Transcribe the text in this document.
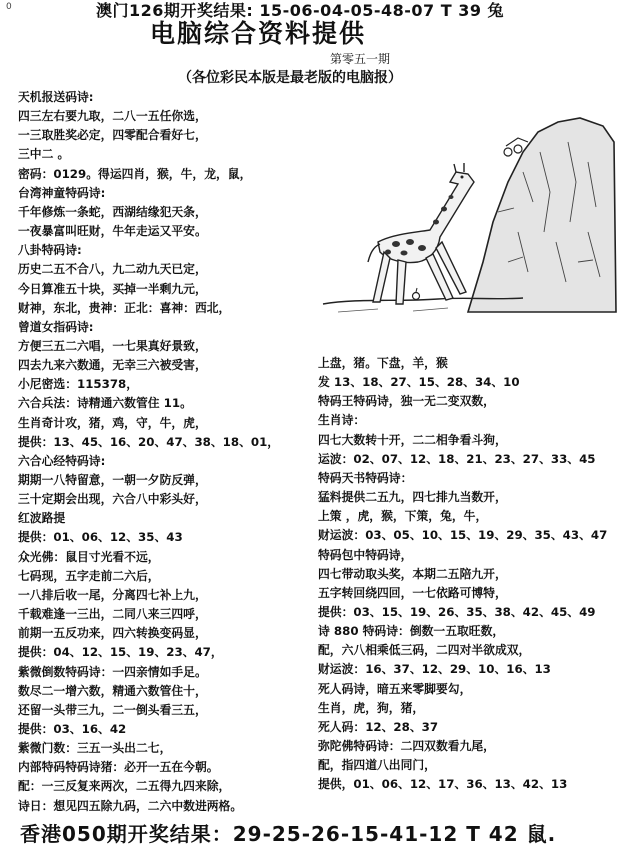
0	澳门126期开奖结果: 15-06-04-05-48-07 T 39 兔
电脑综合资料提供
第零五一期
（各位彩民本版是最老版的电脑报）
天机报送码诗:
四三左右要九取，二八一五任你选，
一三取胜奖必定，四零配合看好七，
三中二 。
密码：0129。得运四肖，猴，牛，龙，鼠，
台湾神童特码诗:
千年修炼一条蛇，西湖结缘犯天条，
一夜暴富叫旺财，牛年走运又平安。
八卦特码诗:
历史二五不合八，九二动九天已定，
今日算准五十块，买掉一半剩九元，
财神，东北，贵神：正北：喜神：西北，
曾道女指码诗:
方便三五二六唱，一七果真好景致，
四去九来六数通，无幸三六被受害，
小尼密选：115378，
六合兵法：诗精通六数管住 11。
生肖奇计攻，猪，鸡，守，牛，虎，
提供：13、45、16、20、47、38、18、01，
六合心经特码诗:
期期一八特留意，一朝一夕防反弹，
三十定期会出现，六合八中彩头好，
红波路提
提供：01、06、12、35、43
众光佛：鼠目寸光看不远，
七码现，五字走前二六后，
一八排后收一尾，分离四七补上九，
千载难逢一三出，二同八来三四呼，
前期一五反功来，四六转换变码显，
提供：04、12、15、19、23、47，
紫微倒数特码诗：一四亲情如手足。
数尽二一增六数，精通六数管住十，
还留一头带三九，二一倒头看三五，
提供：03、16、42
紫微门数：三五一头出二七，
内部特码特码诗猪：必开一五在今朝。
配：一三反复来两次，二五得九四来除，
诗日：想见四五除九码，二六中数进两格。
上盘，猪。下盘，羊，猴
发 13、18、27、15、28、34、10
特码王特码诗，独一无二变双数，
生肖诗：
四七大数转十开，二二相争看斗狗，
运波：02、07、12、18、21、23、27、33、45
特码天书特码诗：
猛料提供二五九，四七排九当数开，
上策 ，虎，猴，下策，兔，牛，
财运波：03、05、10、15、19、29、35、43、47
特码包中特码诗，
四七带动取头奖，本期二五陪九开，
五字转回绕四回，一七依路可博特，
提供：03、15、19、26、35、38、42、45、49
诗 880 特码诗：倒数一五取旺数，
配，六八相乘低三码，二四对半欲成双，
财运波：16、37、12、29、10、16、13
死人码诗，暗五来零脚要勾，
生肖，虎，狗，猪，
死人码：12、28、37
弥陀佛特码诗：二四双数看九尾，
配，指四道八出同门，
提供，01、06、12、17、36、13、42、13
香港050期开奖结果：29-25-26-15-41-12 T 42 鼠.
